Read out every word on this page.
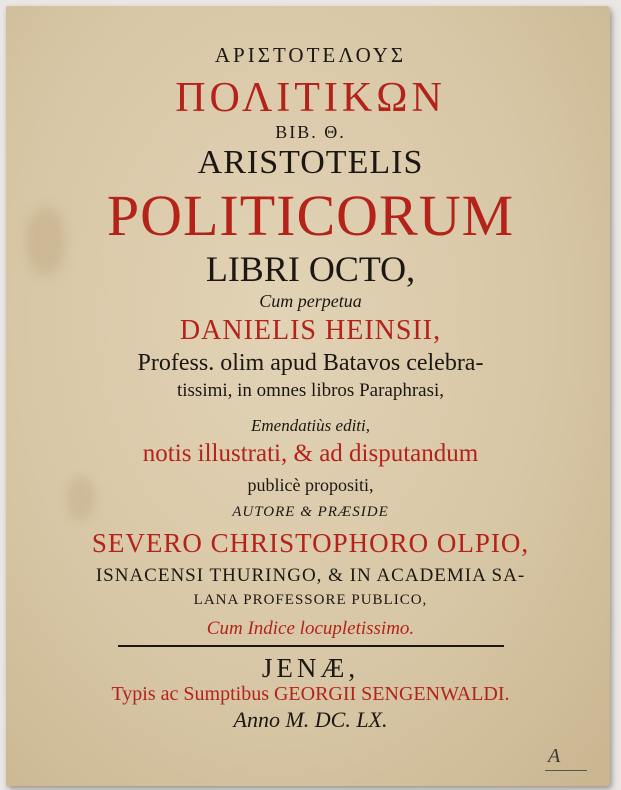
ΑΡΙΣΤΟΤΕΛΟΥΣ
ΠΟΛΙΤΙΚΩΝ
ΒΙΒ. Θ.
ARISTOTELIS
POLITICORUM
LIBRI OCTO,
Cum perpetua
DANIELIS HEINSII,
Profess. olim apud Batavos celebra-
tissimi, in omnes libros Paraphrasi,
Emendatiùs editi,
notis illustrati, & ad disputandum
publicè propositi,
AUTORE & PRÆSIDE
SEVERO CHRISTOPHORO OLPIO,
ISNACENSI THURINGO, & IN ACADEMIA SA-
LANA PROFESSORE PUBLICO,
Cum Indice locupletissimo.
JENÆ,
Typis ac Sumptibus GEORGII SENGENWALDI.
Anno M. DC. LX.
A
